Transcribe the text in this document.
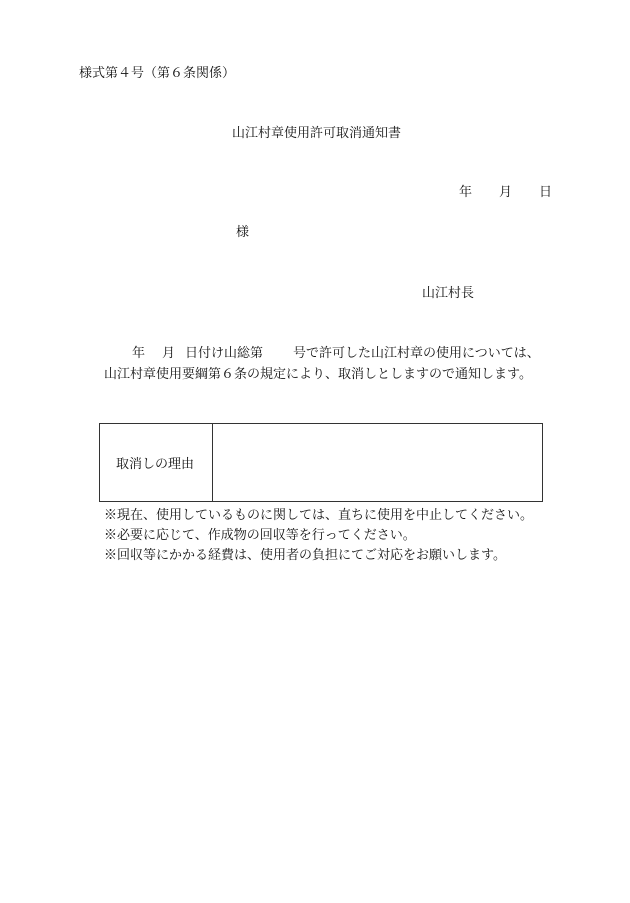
様式第４号（第６条関係）
山江村章使用許可取消通知書
年 月 日
様
山江村長
年 月 日付け山総第 号で許可した山江村章の使用については、
山江村章使用要綱第６条の規定により、取消しとしますので通知します。
取消しの理由
※現在、使用しているものに関しては、直ちに使用を中止してください。
※必要に応じて、作成物の回収等を行ってください。
※回収等にかかる経費は、使用者の負担にてご対応をお願いします。
